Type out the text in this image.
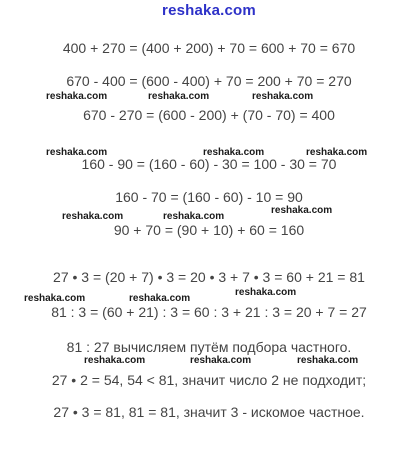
reshaka.com
400 + 270 = (400 + 200) + 70 = 600 + 70 = 670
670 - 400 = (600 - 400) + 70 = 200 + 70 = 270
reshaka.com	reshaka.com	reshaka.com
670 - 270 = (600 - 200) + (70 - 70) = 400
reshaka.com	reshaka.com	reshaka.com
160 - 90 = (160 - 60) - 30 = 100 - 30 = 70
160 - 70 = (160 - 60) - 10 = 90
reshaka.com
reshaka.com	reshaka.com
90 + 70 = (90 + 10) + 60 = 160
27 • 3 = (20 + 7) • 3 = 20 • 3 + 7 • 3 = 60 + 21 = 81
reshaka.com
reshaka.com	reshaka.com
81 : 3 = (60 + 21) : 3 = 60 : 3 + 21 : 3 = 20 + 7 = 27
81 : 27 вычисляем путём подбора частного.
reshaka.com	reshaka.com	reshaka.com
27 • 2 = 54, 54 < 81, значит число 2 не подходит;
27 • 3 = 81, 81 = 81, значит 3 - искомое частное.
